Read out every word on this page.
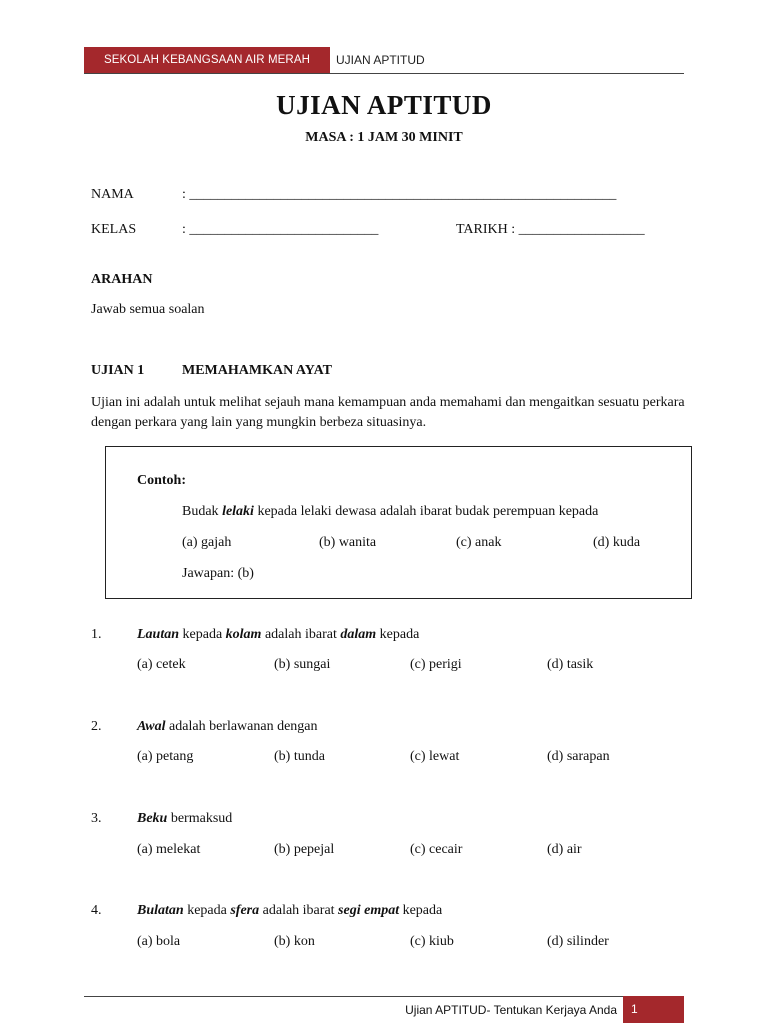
SEKOLAH KEBANGSAAN AIR MERAH	UJIAN APTITUD
UJIAN APTITUD
MASA : 1 JAM 30 MINIT
NAMA	: _____________________________________________________________
KELAS	: ___________________________	TARIKH : __________________
ARAHAN
Jawab semua soalan
UJIAN 1	MEMAHAMKAN AYAT
Ujian ini adalah untuk melihat sejauh mana kemampuan anda memahami dan mengaitkan sesuatu perkara dengan perkara yang lain yang mungkin berbeza situasinya.
Contoh:
Budak lelaki kepada lelaki dewasa adalah ibarat budak perempuan kepada
(a) gajah	(b) wanita	(c) anak	(d) kuda
Jawapan: (b)
1.	Lautan kepada kolam adalah ibarat dalam kepada
(a) cetek	(b) sungai	(c) perigi	(d) tasik
2.	Awal adalah berlawanan dengan
(a) petang	(b) tunda	(c) lewat	(d) sarapan
3.	Beku bermaksud
(a) melekat	(b) pepejal	(c) cecair	(d) air
4.	Bulatan kepada sfera adalah ibarat segi empat kepada
(a) bola	(b) kon	(c) kiub	(d) silinder
Ujian APTITUD- Tentukan Kerjaya Anda	1
